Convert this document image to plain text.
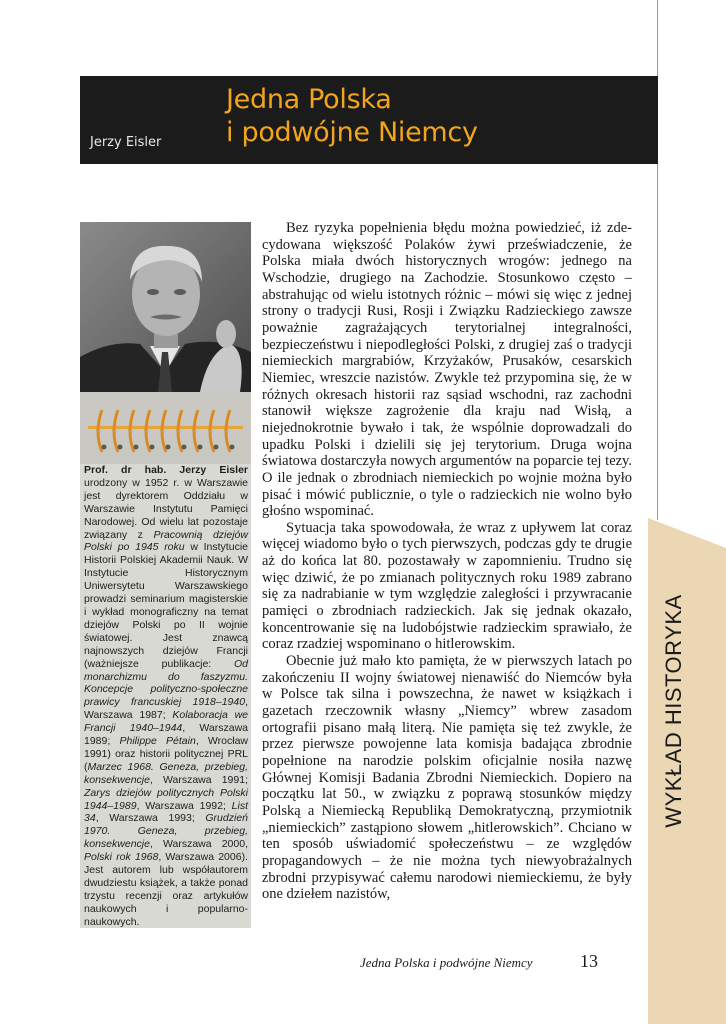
Jerzy Eisler
Jedna Polska
i podwójne Niemcy
Prof. dr hab. Jerzy Eisler urodzony w 1952 r. w Warszawie jest dyrektorem Oddziału w Warszawie Instytutu Pamięci Narodowej. Od wielu lat pozostaje związany z Pracownią dziejów Polski po 1945 roku w Instytucie Historii Polskiej Akademii Nauk. W Instytucie Historycznym Uniwersytetu Warszawskiego prowadzi seminarium magisterskie i wykład monograficzny na temat dziejów Polski po II wojnie światowej. Jest znawcą najnowszych dziejów Francji (ważniejsze publikacje: Od monarchizmu do faszyzmu. Koncepcje polityczno-społeczne prawicy francuskiej 1918–1940, Warszawa 1987; Kolaboracja we Francji 1940–1944, Warszawa 1989; Philippe Pétain, Wrocław 1991) oraz historii politycznej PRL (Marzec 1968. Geneza, przebieg, konsekwencje, Warszawa 1991; Zarys dziejów politycznych Polski 1944–1989, Warszawa 1992; List 34, Warszawa 1993; Grudzień 1970. Geneza, przebieg, konsekwencje, Warszawa 2000, Polski rok 1968, Warszawa 2006). Jest autorem lub współautorem dwudziestu książek, a także ponad trzystu recenzji oraz artykułów naukowych i popularno-naukowych.

Bez ryzyka popełnienia błędu można powiedzieć, iż zdecydowana większość Polaków żywi przeświadczenie, że Polska miała dwóch historycznych wrogów: jednego na Wschodzie, drugiego na Zachodzie. Stosunkowo często – abstrahując od wielu istotnych różnic – mówi się więc z jednej strony o tradycji Rusi, Rosji i Związku Radzieckiego zawsze poważnie zagrażających terytorialnej integralności, bezpieczeństwu i niepodległości Polski, z drugiej zaś o tradycji niemieckich margrabiów, Krzyżaków, Prusaków, cesarskich Niemiec, wreszcie nazistów. Zwykle też przypomina się, że w różnych okresach historii raz sąsiad wschodni, raz zachodni stanowił większe zagrożenie dla kraju nad Wisłą, a niejednokrotnie bywało i tak, że wspólnie doprowadzali do upadku Polski i dzielili się jej terytorium. Druga wojna światowa dostarczyła nowych argumentów na poparcie tej tezy. O ile jednak o zbrodniach niemieckich po wojnie można było pisać i mówić publicznie, o tyle o radzieckich nie wolno było głośno wspominać.

Sytuacja taka spowodowała, że wraz z upływem lat coraz więcej wiadomo było o tych pierwszych, podczas gdy te drugie aż do końca lat 80. pozostawały w zapomnieniu. Trudno się więc dziwić, że po zmianach politycznych roku 1989 zabrano się za nadrabianie w tym względzie zaległości i przywracanie pamięci o zbrodniach radzieckich. Jak się jednak okazało, koncentrowanie się na ludobójstwie radzieckim sprawiało, że coraz rzadziej wspominano o hitlerowskim.

Obecnie już mało kto pamięta, że w pierwszych latach po zakończeniu II wojny światowej nienawiść do Niemców była w Polsce tak silna i powszechna, że nawet w książkach i gazetach rzeczownik własny „Niemcy” wbrew zasadom ortografii pisano małą literą. Nie pamięta się też zwykle, że przez pierwsze powojenne lata komisja badająca zbrodnie popełnione na narodzie polskim oficjalnie nosiła nazwę Głównej Komisji Badania Zbrodni Niemieckich. Dopiero na początku lat 50., w związku z poprawą stosunków między Polską a Niemiecką Republiką Demokratyczną, przymiotnik „niemieckich” zastąpiono słowem „hitlerowskich”. Chciano w ten sposób uświadomić społeczeństwu – ze względów propagandowych – że nie można tych niewyobrażalnych zbrodni przypisywać całemu narodowi niemieckiemu, że były one dziełem nazistów,

WYKŁAD HISTORYKA
Jedna Polska i podwójne Niemcy	13
